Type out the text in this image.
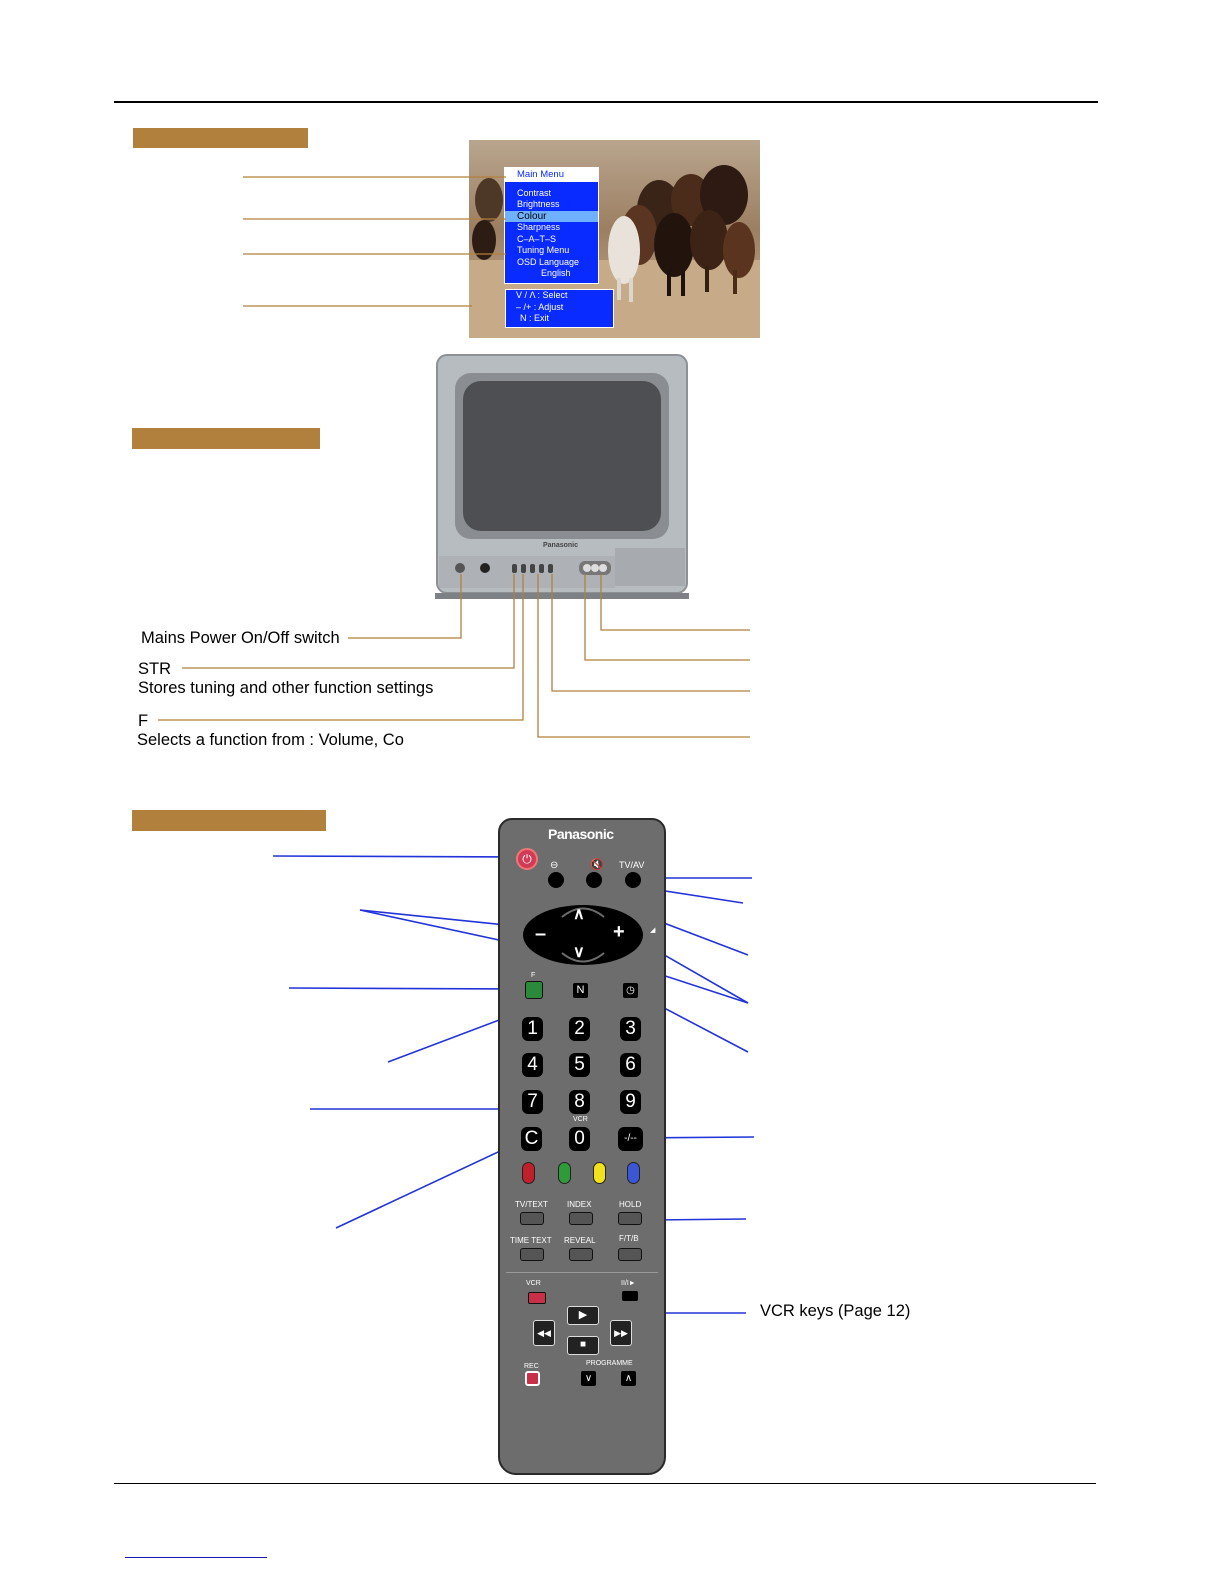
Main Menu
Contrast
Brightness
Colour
Sharpness
C–A–T–S
Tuning Menu
OSD Language
English
V / Λ : Select
– /+ : Adjust
N : Exit
Panasonic
Mains Power On/Off switch
STR
Stores tuning and other function settings
F
Selects a function from : Volume, Co
Panasonic
⏻	⊖	🔇 TV/AV
∧
∨
–	+	◢
F
N	◷
1 2 3
4 5 6
7 8 9
VCR
C 0	-/--
TV/TEXT INDEX	HOLD
TIME TEXT REVEAL	F/T/B
VCR	II/I►
▶
◀◀	▶▶
■
REC	PROGRAMME
∨	∧
VCR keys (Page 12)
